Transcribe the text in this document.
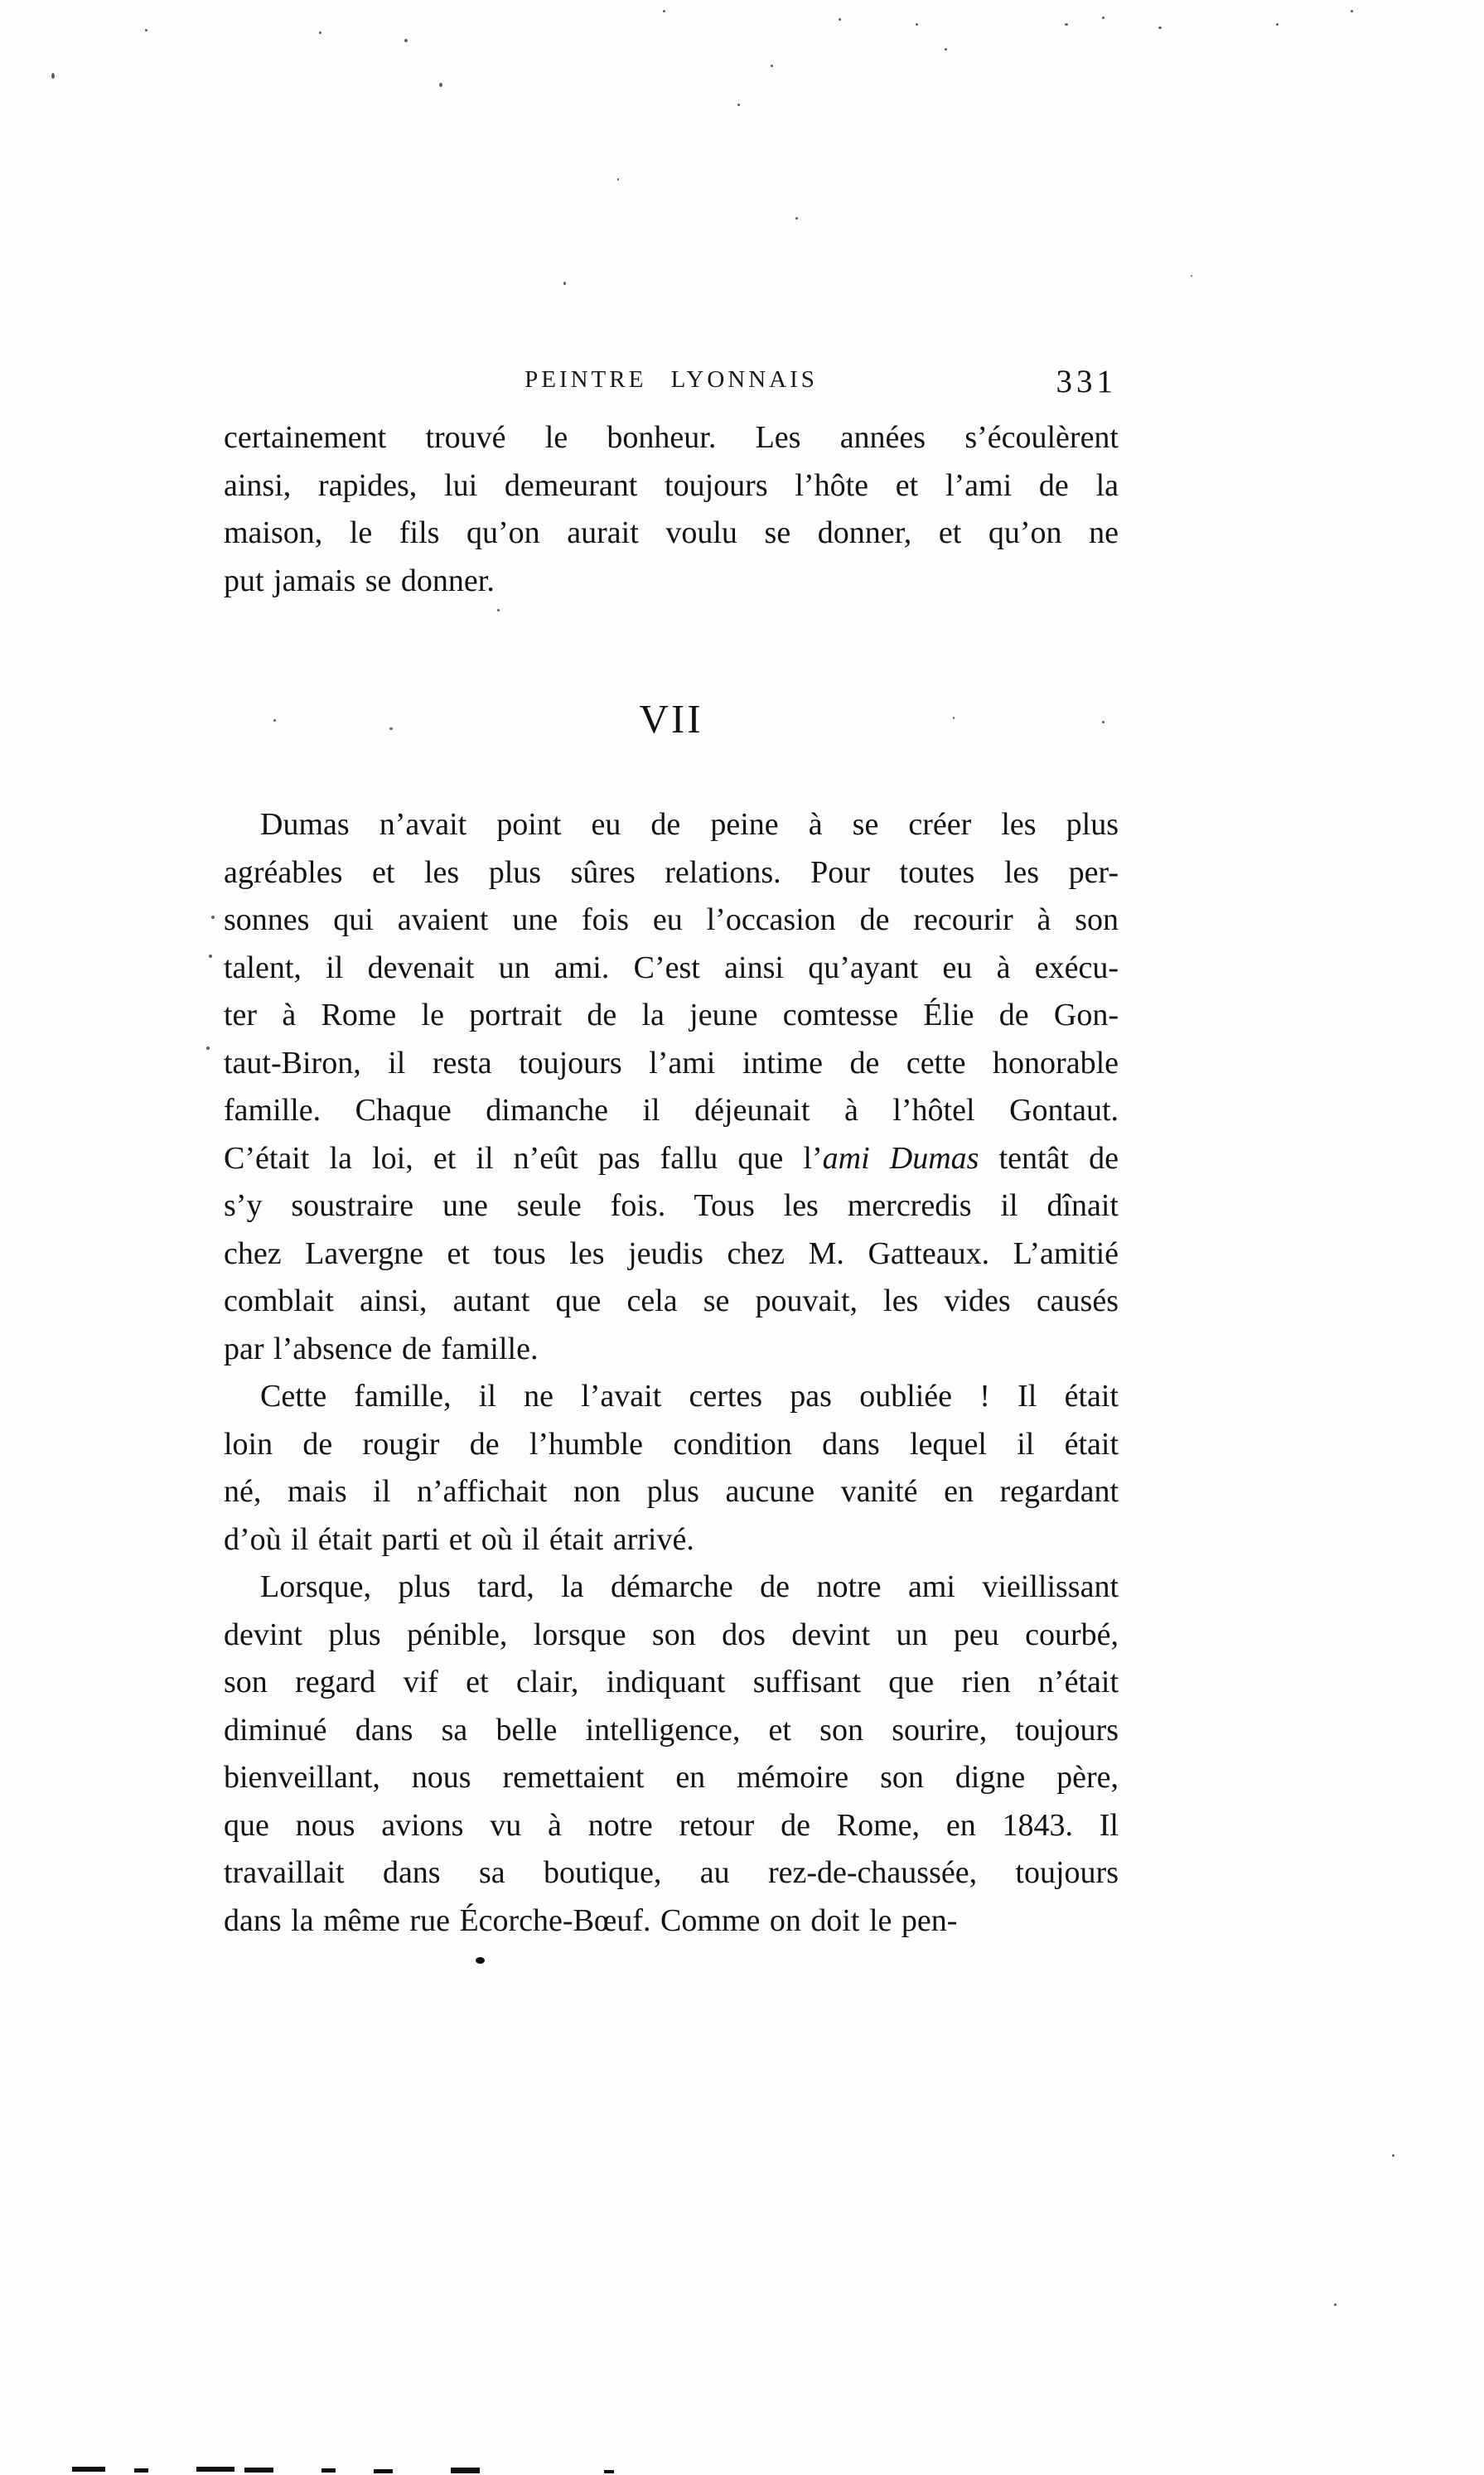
PEINTRE LYONNAIS	331
certainement trouvé le bonheur. Les années s’écoulèrent
ainsi, rapides, lui demeurant toujours l’hôte et l’ami de la
maison, le fils qu’on aurait voulu se donner, et qu’on ne
put jamais se donner.
VII
Dumas n’avait point eu de peine à se créer les plus
agréables et les plus sûres relations. Pour toutes les per-
sonnes qui avaient une fois eu l’occasion de recourir à son
talent, il devenait un ami. C’est ainsi qu’ayant eu à exécu-
ter à Rome le portrait de la jeune comtesse Élie de Gon-
taut-Biron, il resta toujours l’ami intime de cette honorable
famille. Chaque dimanche il déjeunait à l’hôtel Gontaut.
C’était la loi, et il n’eût pas fallu que l’ami Dumas tentât de
s’y soustraire une seule fois. Tous les mercredis il dînait
chez Lavergne et tous les jeudis chez M. Gatteaux. L’amitié
comblait ainsi, autant que cela se pouvait, les vides causés
par l’absence de famille.
Cette famille, il ne l’avait certes pas oubliée ! Il était
loin de rougir de l’humble condition dans lequel il était
né, mais il n’affichait non plus aucune vanité en regardant
d’où il était parti et où il était arrivé.
Lorsque, plus tard, la démarche de notre ami vieillissant
devint plus pénible, lorsque son dos devint un peu courbé,
son regard vif et clair, indiquant suffisant que rien n’était
diminué dans sa belle intelligence, et son sourire, toujours
bienveillant, nous remettaient en mémoire son digne père,
que nous avions vu à notre retour de Rome, en 1843. Il
travaillait dans sa boutique, au rez-de-chaussée, toujours
dans la même rue Écorche-Bœuf. Comme on doit le pen-
